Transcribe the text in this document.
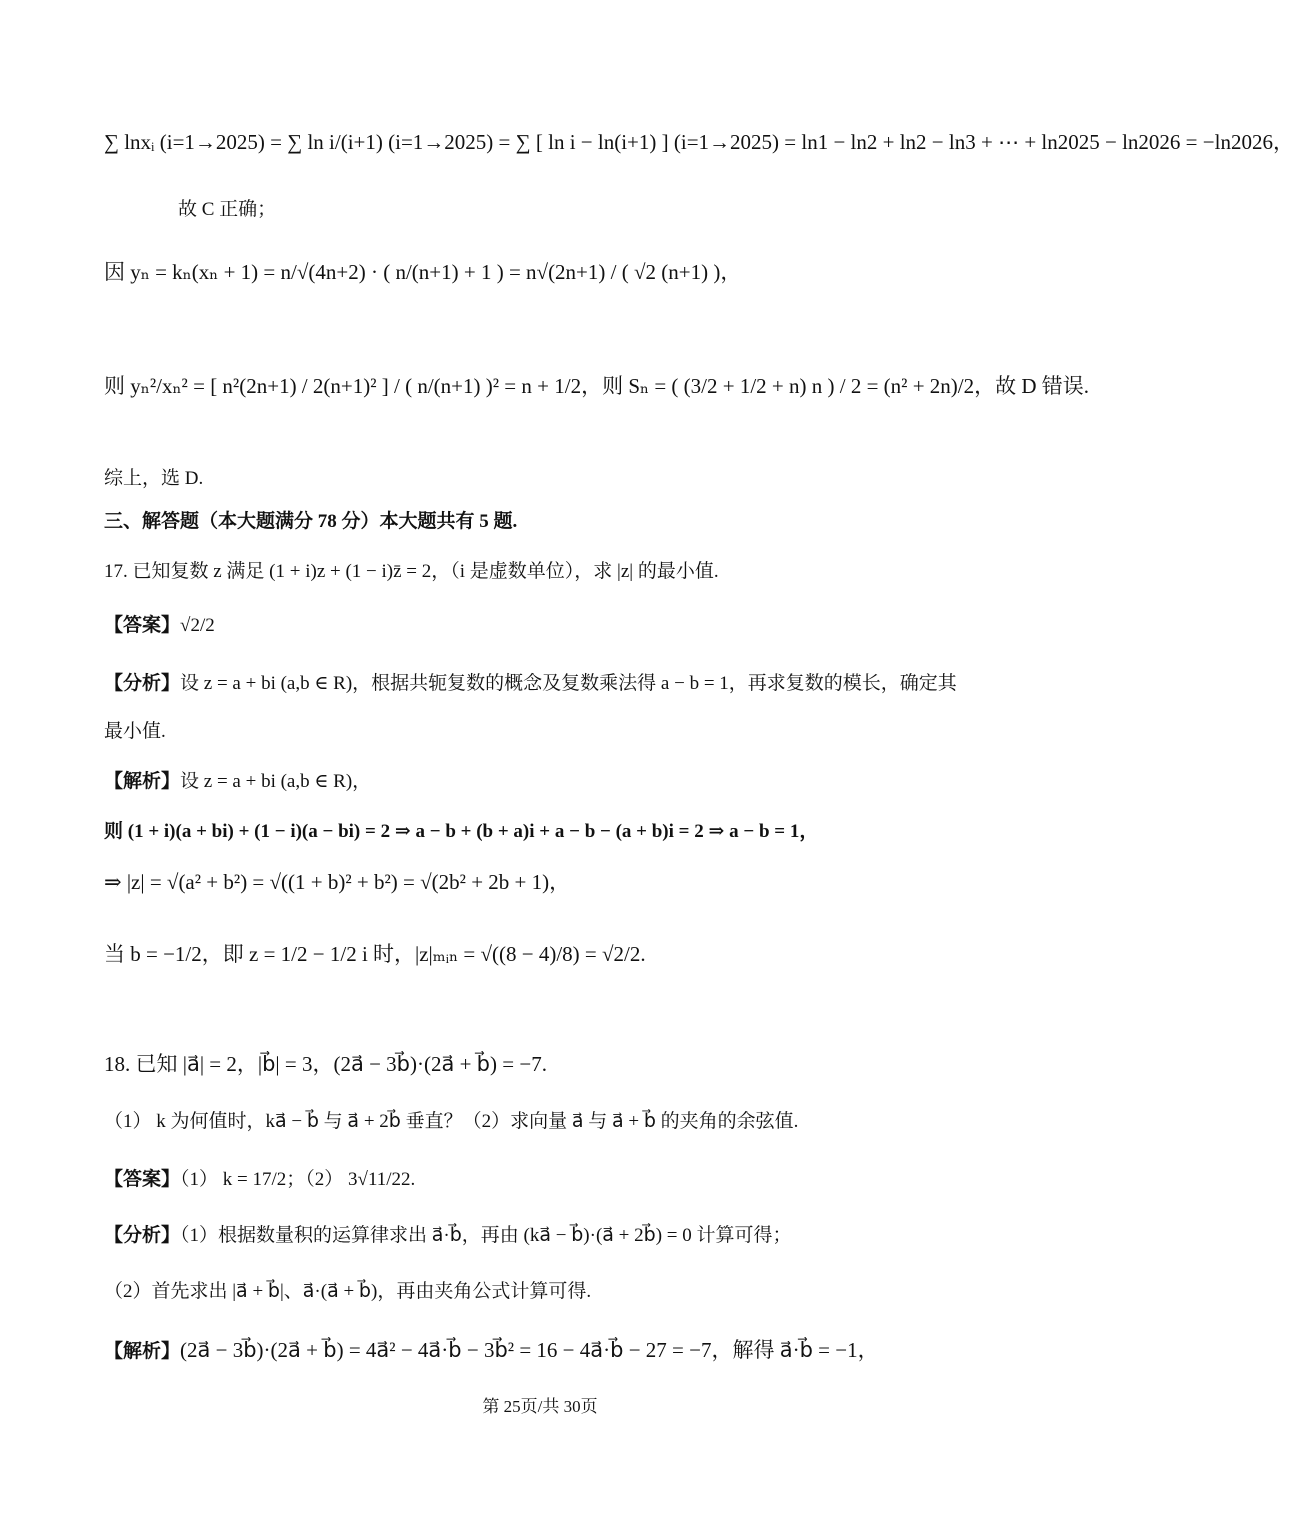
∑ lnxᵢ (i=1→2025) = ∑ ln i/(i+1) (i=1→2025) = ∑ [ ln i − ln(i+1) ] (i=1→2025) = ln1 − ln2 + ln2 − ln3 + ⋯ + ln2025 − ln2026 = −ln2026，
故 C 正确；
因 yₙ = kₙ(xₙ + 1) = n/√(4n+2) · ( n/(n+1) + 1 ) = n√(2n+1) / ( √2 (n+1) )，
则 yₙ²/xₙ² = [ n²(2n+1) / 2(n+1)² ] / ( n/(n+1) )² = n + 1/2，则 Sₙ = ( (3/2 + 1/2 + n) n ) / 2 = (n² + 2n)/2，故 D 错误.
综上，选 D.
三、解答题（本大题满分 78 分）本大题共有 5 题.
17. 已知复数 z 满足 (1 + i)z + (1 − i)z̄ = 2，（i 是虚数单位），求 |z| 的最小值.
【答案】√2/2
【分析】设 z = a + bi (a,b ∈ R)，根据共轭复数的概念及复数乘法得 a − b = 1，再求复数的模长，确定其
最小值.
【解析】设 z = a + bi (a,b ∈ R)，
则 (1 + i)(a + bi) + (1 − i)(a − bi) = 2 ⇒ a − b + (b + a)i + a − b − (a + b)i = 2 ⇒ a − b = 1，
⇒ |z| = √(a² + b²) = √((1 + b)² + b²) = √(2b² + 2b + 1)，
当 b = −1/2，即 z = 1/2 − 1/2 i 时，|z|ₘᵢₙ = √((8 − 4)/8) = √2/2.
18. 已知 |a⃗| = 2，|b⃗| = 3，(2a⃗ − 3b⃗)·(2a⃗ + b⃗) = −7.
（1） k 为何值时，ka⃗ − b⃗ 与 a⃗ + 2b⃗ 垂直？（2）求向量 a⃗ 与 a⃗ + b⃗ 的夹角的余弦值.
【答案】（1） k = 17/2；（2） 3√11/22.
【分析】（1）根据数量积的运算律求出 a⃗·b⃗，再由 (ka⃗ − b⃗)·(a⃗ + 2b⃗) = 0 计算可得；
（2）首先求出 |a⃗ + b⃗|、a⃗·(a⃗ + b⃗)，再由夹角公式计算可得.
【解析】(2a⃗ − 3b⃗)·(2a⃗ + b⃗) = 4a⃗² − 4a⃗·b⃗ − 3b⃗² = 16 − 4a⃗·b⃗ − 27 = −7，解得 a⃗·b⃗ = −1，
第 25页/共 30页
